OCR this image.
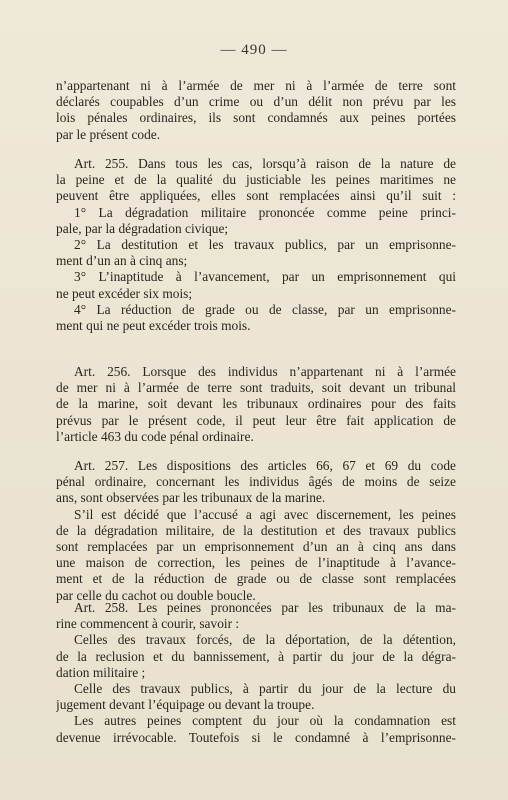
— 490 —
n’appartenant ni à l’armée de mer ni à l’armée de terre sont
déclarés coupables d’un crime ou d’un délit non prévu par les
lois pénales ordinaires, ils sont condamnés aux peines portées
par le présent code.
Art. 255. Dans tous les cas, lorsqu’à raison de la nature de
la peine et de la qualité du justiciable les peines maritimes ne
peuvent être appliquées, elles sont remplacées ainsi qu’il suit :
1° La dégradation militaire prononcée comme peine princi-
pale, par la dégradation civique;
2° La destitution et les travaux publics, par un emprisonne-
ment d’un an à cinq ans;
3° L’inaptitude à l’avancement, par un emprisonnement qui
ne peut excéder six mois;
4° La réduction de grade ou de classe, par un emprisonne-
ment qui ne peut excéder trois mois.
Art. 256. Lorsque des individus n’appartenant ni à l’armée
de mer ni à l’armée de terre sont traduits, soit devant un tribunal
de la marine, soit devant les tribunaux ordinaires pour des faits
prévus par le présent code, il peut leur être fait application de
l’article 463 du code pénal ordinaire.
Art. 257. Les dispositions des articles 66, 67 et 69 du code
pénal ordinaire, concernant les individus âgés de moins de seize
ans, sont observées par les tribunaux de la marine.
S’il est décidé que l’accusé a agi avec discernement, les peines
de la dégradation militaire, de la destitution et des travaux publics
sont remplacées par un emprisonnement d’un an à cinq ans dans
une maison de correction, les peines de l’inaptitude à l’avance-
ment et de la réduction de grade ou de classe sont remplacées
par celle du cachot ou double boucle.
Art. 258. Les peines prononcées par les tribunaux de la ma-
rine commencent à courir, savoir :
Celles des travaux forcés, de la déportation, de la détention,
de la reclusion et du bannissement, à partir du jour de la dégra-
dation militaire ;
Celle des travaux publics, à partir du jour de la lecture du
jugement devant l’équipage ou devant la troupe.
Les autres peines comptent du jour où la condamnation est
devenue irrévocable. Toutefois si le condamné à l’emprisonne-
